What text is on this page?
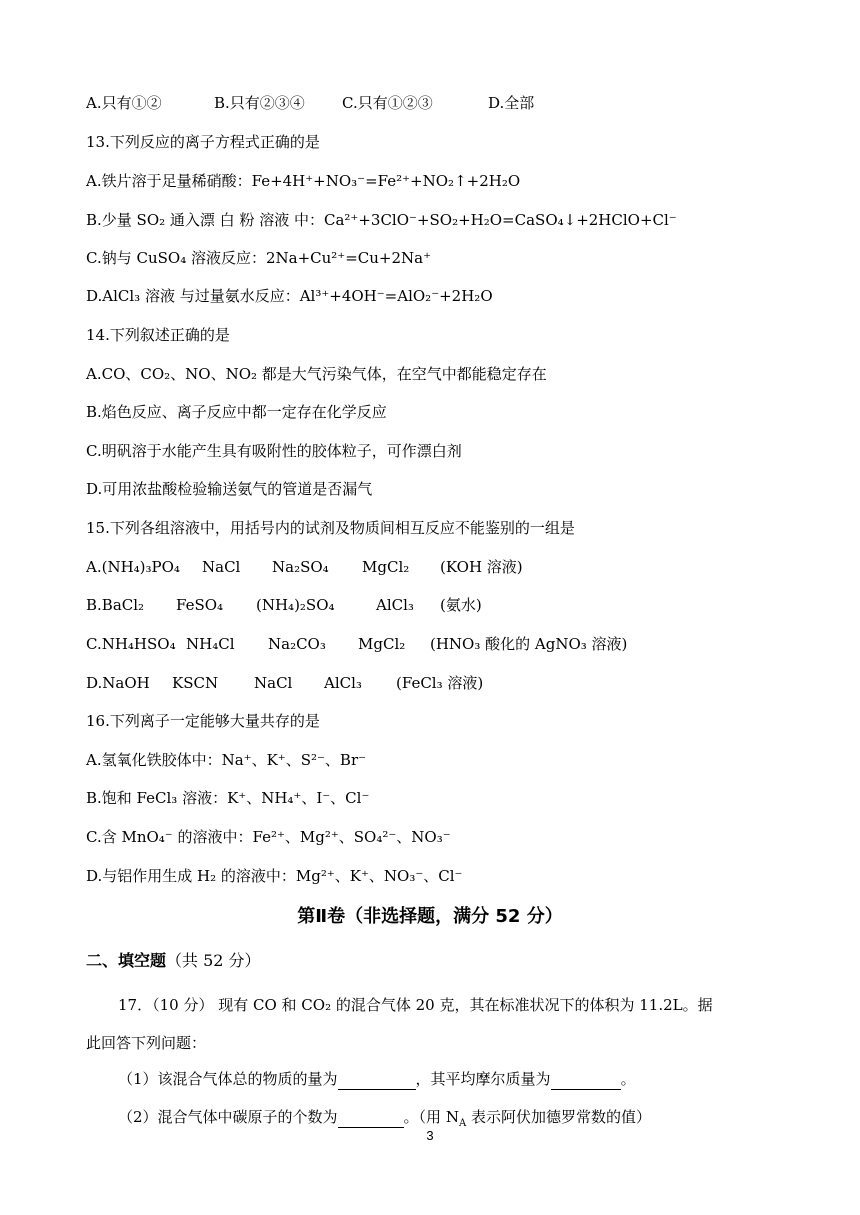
A.只有①②	B.只有②③④ C.只有①②③	D.全部
13.下列反应的离子方程式正确的是
A.铁片溶于足量稀硝酸：Fe+4H⁺+NO₃⁻=Fe²⁺+NO₂↑+2H₂O
B.少量 SO₂ 通入漂 白 粉 溶液 中：Ca²⁺+3ClO⁻+SO₂+H₂O=CaSO₄↓+2HClO+Cl⁻
C.钠与 CuSO₄ 溶液反应：2Na+Cu²⁺=Cu+2Na⁺
D.AlCl₃ 溶液 与过量氨水反应：Al³⁺+4OH⁻=AlO₂⁻+2H₂O
14.下列叙述正确的是
A.CO、CO₂、NO、NO₂ 都是大气污染气体，在空气中都能稳定存在
B.焰色反应、离子反应中都一定存在化学反应
C.明矾溶于水能产生具有吸附性的胶体粒子，可作漂白剂
D.可用浓盐酸检验输送氨气的管道是否漏气
15.下列各组溶液中，用括号内的试剂及物质间相互反应不能鉴别的一组是
A.(NH₄)₃PO₄ NaCl Na₂SO₄ MgCl₂ (KOH 溶液)
B.BaCl₂ FeSO₄ (NH₄)₂SO₄	AlCl₃ (氨水)
C.NH₄HSO₄ NH₄Cl Na₂CO₃ MgCl₂ (HNO₃ 酸化的 AgNO₃ 溶液)
D.NaOH KSCN NaCl AlCl₃ (FeCl₃ 溶液)
16.下列离子一定能够大量共存的是
A.氢氧化铁胶体中：Na⁺、K⁺、S²⁻、Br⁻
B.饱和 FeCl₃ 溶液：K⁺、NH₄⁺、I⁻、Cl⁻
C.含 MnO₄⁻ 的溶液中：Fe²⁺、Mg²⁺、SO₄²⁻、NO₃⁻
D.与铝作用生成 H₂ 的溶液中：Mg²⁺、K⁺、NO₃⁻、Cl⁻
第Ⅱ卷（非选择题，满分 52 分）
二、填空题（共 52 分）
17．（10 分） 现有 CO 和 CO₂ 的混合气体 20 克，其在标准状况下的体积为 11.2L。据
此回答下列问题：
（1）该混合气体总的物质的量为	，其平均摩尔质量为	。
（2）混合气体中碳原子的个数为	。（用 $N_A$ 表示阿伏加德罗常数的值）
3
